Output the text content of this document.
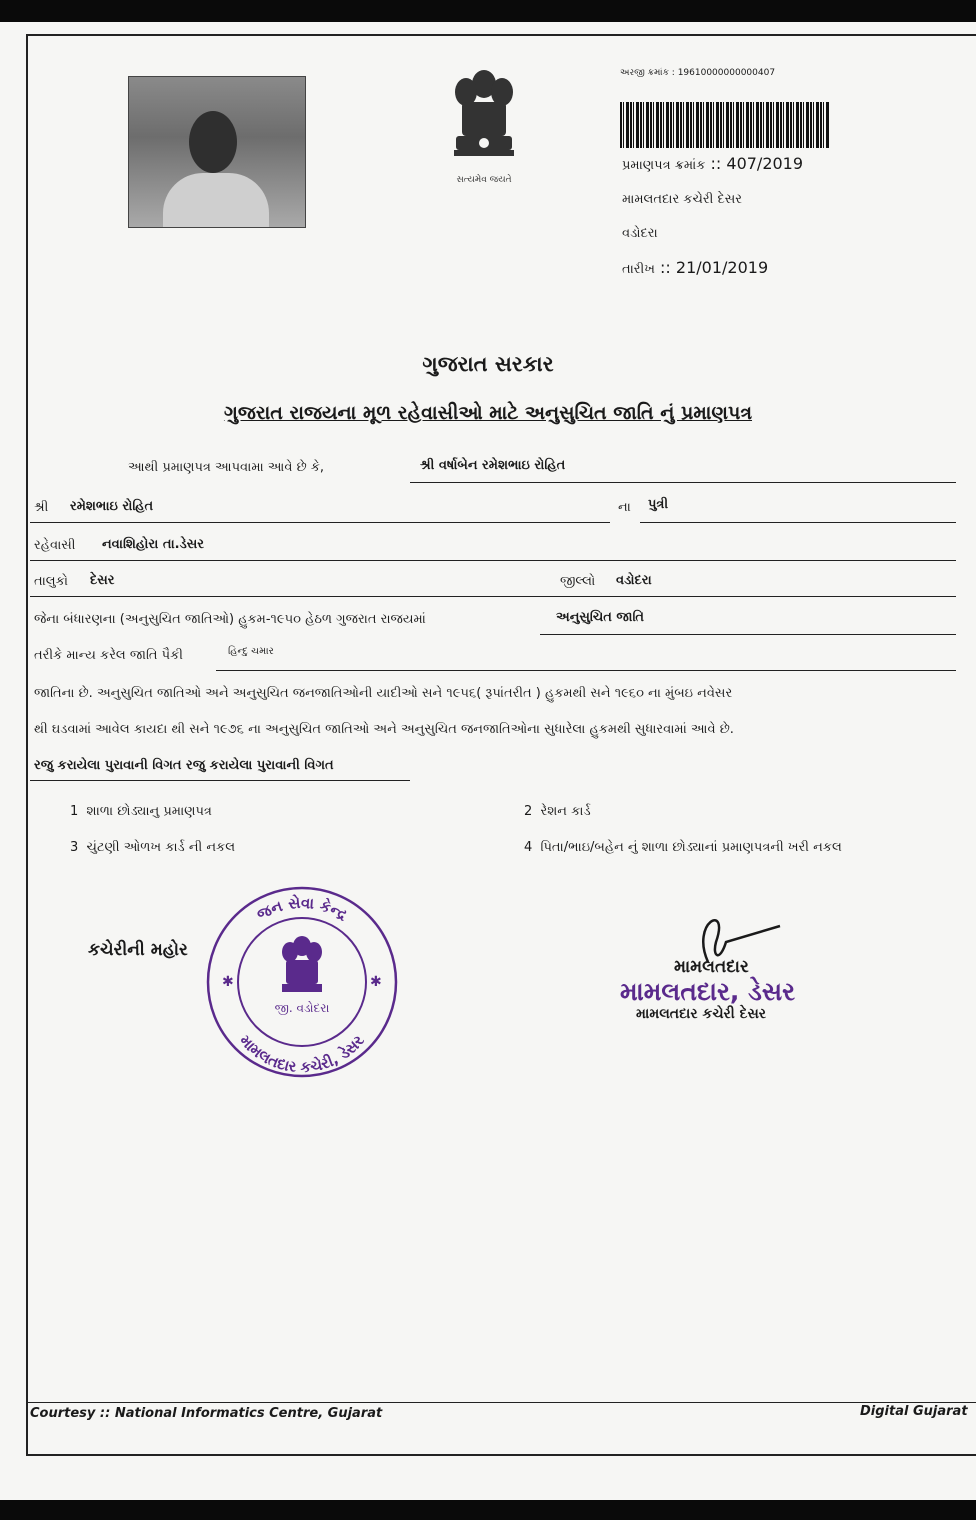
સત્યમેવ જયતે
અરજી ક્રમાંક : 19610000000000407
પ્રમાણપત્ર ક્રમાંક :: 407/2019
મામલતદાર કચેરી દેસર
વડોદરા
તારીખ :: 21/01/2019
ગુજરાત સરકાર
ગુજરાત રાજયના મૂળ રહેવાસીઓ માટે અનુસુચિત જાતિ નું પ્રમાણપત્ર
આથી પ્રમાણપત્ર આપવામા આવે છે કે,	શ્રી વર્ષાબેન રમેશભાઇ રોહિત
શ્રી રમેશભાઇ રોહિત	ના પુત્રી
રહેવાસી નવાશિહોરા તા.ડેસર
તાલુકો દેસર	જીલ્લો વડોદરા
જેના બંધારણના (અનુસુચિત જાતિઓ) હુકમ-૧૯૫૦ હેઠળ ગુજરાત રાજયમાં	અનુસુચિત જાતિ
તરીકે માન્ય કરેલ જાતિ પૈકી	હિન્દુ ચમાર
જાતિના છે. અનુસુચિત જાતિઓ અને અનુસુચિત જનજાતિઓની યાદીઓ સને ૧૯૫૬( રૂપાંતરીત ) હુકમથી સને ૧૯૬૦ ના મુંબઇ નવેસર
થી ઘડવામાં આવેલ કાયદા થી સને ૧૯૭૬ ના અનુસુચિત જાતિઓ અને અનુસુચિત જનજાતિઓના સુધારેલા હુકમથી સુધારવામાં આવે છે.
રજુ કરાયેલા પુરાવાની વિગત રજુ કરાયેલા પુરાવાની વિગત
1 શાળા છોડ્યાનુ પ્રમાણપત્ર	2 રેશન કાર્ડ
3 ચુંટણી ઓળખ કાર્ડ ની નકલ	4 પિતા/ભાઇ/બહેન નું શાળા છોડ્યાનાં પ્રમાણપત્રની ખરી નકલ
કચેરીની મહોર
જન સેવા કેન્દ્ર
મામલતદાર કચેરી, ડેસર
જી. વડોદરા
✱	✱
મામલતદાર
મામલતદાર, ડેસર
મામલતદાર કચેરી દેસર
Courtesy :: National Informatics Centre, Gujarat	Digital Gujarat
